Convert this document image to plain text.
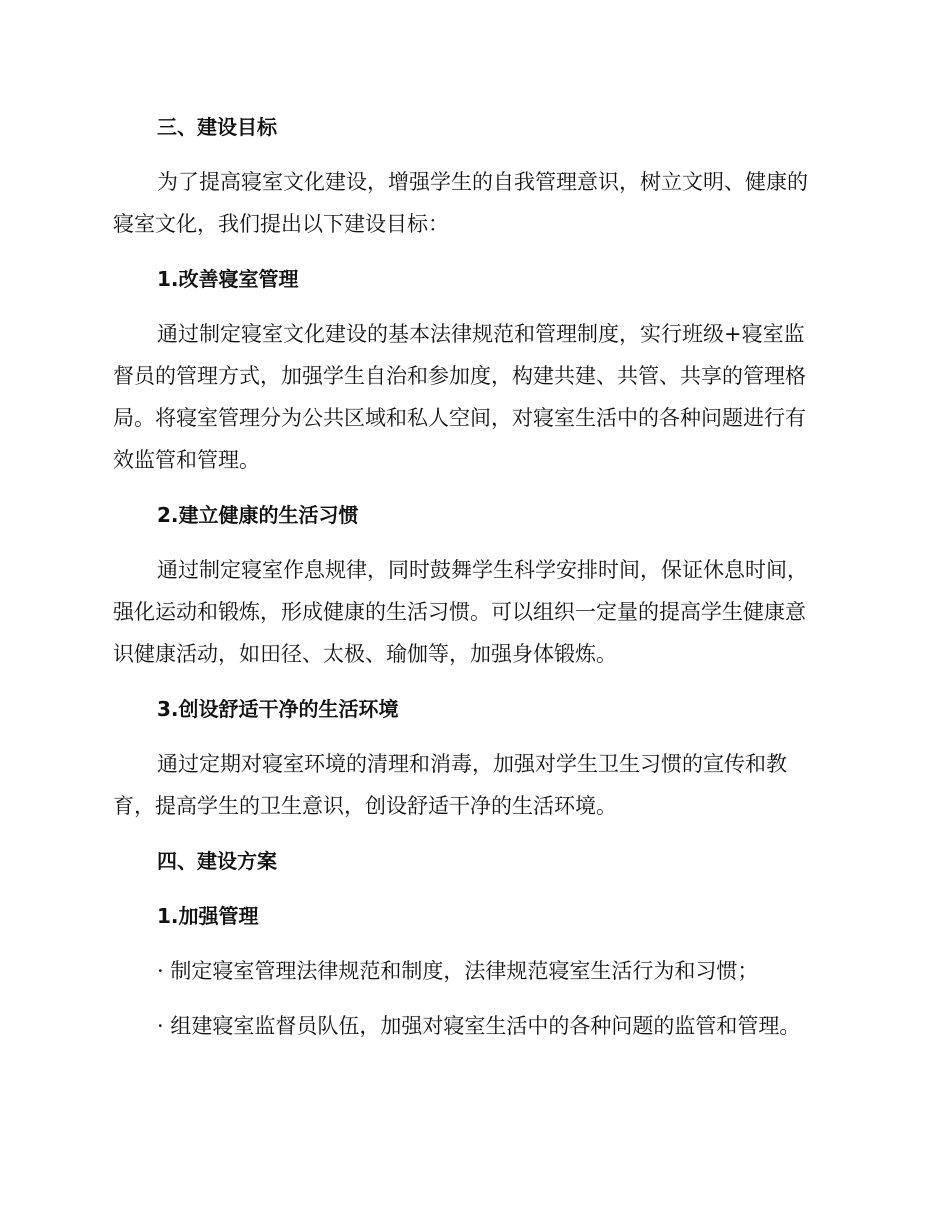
三、建设目标
为了提高寝室文化建设，增强学生的自我管理意识，树立文明、健康的
寝室文化，我们提出以下建设目标：
1.改善寝室管理
通过制定寝室文化建设的基本法律规范和管理制度，实行班级+寝室监
督员的管理方式，加强学生自治和参加度，构建共建、共管、共享的管理格
局。将寝室管理分为公共区域和私人空间，对寝室生活中的各种问题进行有
效监管和管理。
2.建立健康的生活习惯
通过制定寝室作息规律，同时鼓舞学生科学安排时间，保证休息时间，
强化运动和锻炼，形成健康的生活习惯。可以组织一定量的提高学生健康意
识健康活动，如田径、太极、瑜伽等，加强身体锻炼。
3.创设舒适干净的生活环境
通过定期对寝室环境的清理和消毒，加强对学生卫生习惯的宣传和教
育，提高学生的卫生意识，创设舒适干净的生活环境。
四、建设方案
1.加强管理
· 制定寝室管理法律规范和制度，法律规范寝室生活行为和习惯；
· 组建寝室监督员队伍，加强对寝室生活中的各种问题的监管和管理。
